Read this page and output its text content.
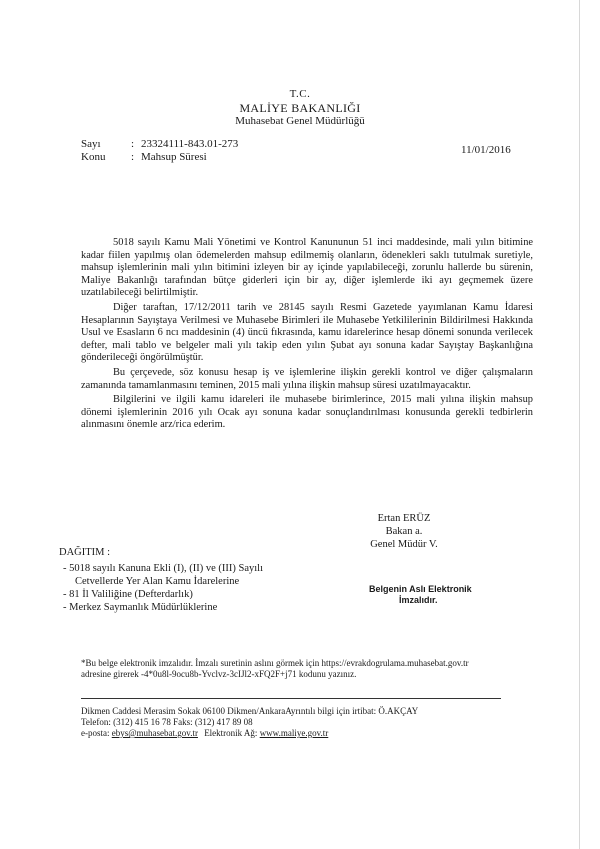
T.C.
MALİYE BAKANLIĞI
Muhasebat Genel Müdürlüğü
Sayı	: 23324111-843.01-273
Konu : Mahsup Süresi
11/01/2016

5018 sayılı Kamu Mali Yönetimi ve Kontrol Kanununun 51 inci maddesinde, mali yılın bitimine kadar fiilen yapılmış olan ödemelerden mahsup edilmemiş olanların, ödenekleri saklı tutulmak suretiyle, mahsup işlemlerinin mali yılın bitimini izleyen bir ay içinde yapılabileceği, zorunlu hallerde bu sürenin, Maliye Bakanlığı tarafından bütçe giderleri için bir ay, diğer işlemlerde iki ayı geçmemek üzere uzatılabileceği belirtilmiştir.

Diğer taraftan, 17/12/2011 tarih ve 28145 sayılı Resmi Gazetede yayımlanan Kamu İdaresi Hesaplarının Sayıştaya Verilmesi ve Muhasebe Birimleri ile Muhasebe Yetkililerinin Bildirilmesi Hakkında Usul ve Esasların 6 ncı maddesinin (4) üncü fıkrasında, kamu idarelerince hesap dönemi sonunda verilecek defter, mali tablo ve belgeler mali yılı takip eden yılın Şubat ayı sonuna kadar Sayıştay Başkanlığına gönderileceği öngörülmüştür.

Bu çerçevede, söz konusu hesap iş ve işlemlerine ilişkin gerekli kontrol ve diğer çalışmaların zamanında tamamlanmasını teminen, 2015 mali yılına ilişkin mahsup süresi uzatılmayacaktır.

Bilgilerini ve ilgili kamu idareleri ile muhasebe birimlerince, 2015 mali yılına ilişkin mahsup dönemi işlemlerinin 2016 yılı Ocak ayı sonuna kadar sonuçlandırılması konusunda gerekli tedbirlerin alınmasını önemle arz/rica ederim.

Ertan ERÜZ
Bakan a.
Genel Müdür V.
DAĞITIM :
- 5018 sayılı Kanuna Ekli (I), (II) ve (III) Sayılı
Cetvellerde Yer Alan Kamu İdarelerine
- 81 İl Valiliğine (Defterdarlık)
- Merkez Saymanlık Müdürlüklerine
Belgenin Aslı Elektronik
İmzalıdır.
*Bu belge elektronik imzalıdır. İmzalı suretinin aslını görmek için https://evrakdogrulama.muhasebat.gov.tr
adresine girerek -4*0u8l-9ocu8b-Yvclvz-3cIJl2-xFQ2F+j71 kodunu yazınız.
Dikmen Caddesi Merasim Sokak 06100 Dikmen/AnkaraAyrıntılı bilgi için irtibat: Ö.AKÇAY
Telefon: (312) 415 16 78 Faks: (312) 417 89 08
e-posta: ebys@muhasebat.gov.tr Elektronik Ağ: www.maliye.gov.tr
